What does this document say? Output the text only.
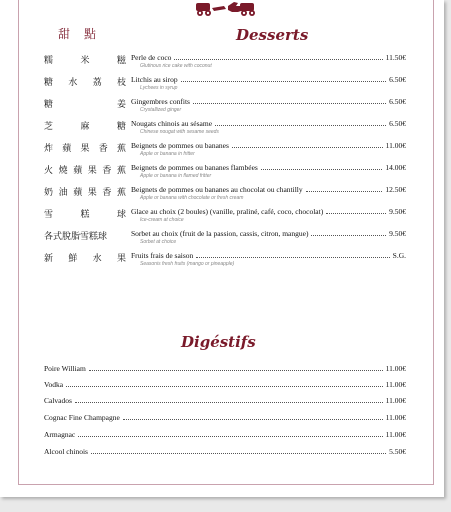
甜點	Desserts
糯米糍 Perle de coco	11.50€
Glutinous rice cake with coconut
糖水荔枝 Litchis au sirop	6.50€
Lychees in syrup
糖姜 Gingembres confits	6.50€
Crystallized ginger
芝麻糖 Nougats chinois au sésame	6.50€
Chinese nougat with sesame seeds
炸蘋果香蕉 Beignets de pommes ou bananes	11.00€
Apple or banana in fritter
火燒蘋果香蕉 Beignets de pommes ou bananes flambées	14.00€
Apple or banana in flamed fritter
奶油蘋果香蕉 Beignets de pommes ou bananes au chocolat ou chantilly	12.50€
Apple or banana with chocolate or fresh cream
雪糕球 Glace au choix (2 boules) (vanille, praliné, café, coco, chocolat)	9.50€
Ice-cream at choice
各式脫脂雪糕球	Sorbet au choix (fruit de la passion, cassis, citron, mangue)	9.50€
Sorbet at choice
新鮮水果 Fruits frais de saison	S.G.
Seasonis fresh fruits (mango or pineapple)
Digéstifs
Poire William	11.00€
Vodka	11.00€
Calvados	11.00€
Cognac Fine Champagne	11.00€
Armagnac	11.00€
Alcool chinois	5.50€
